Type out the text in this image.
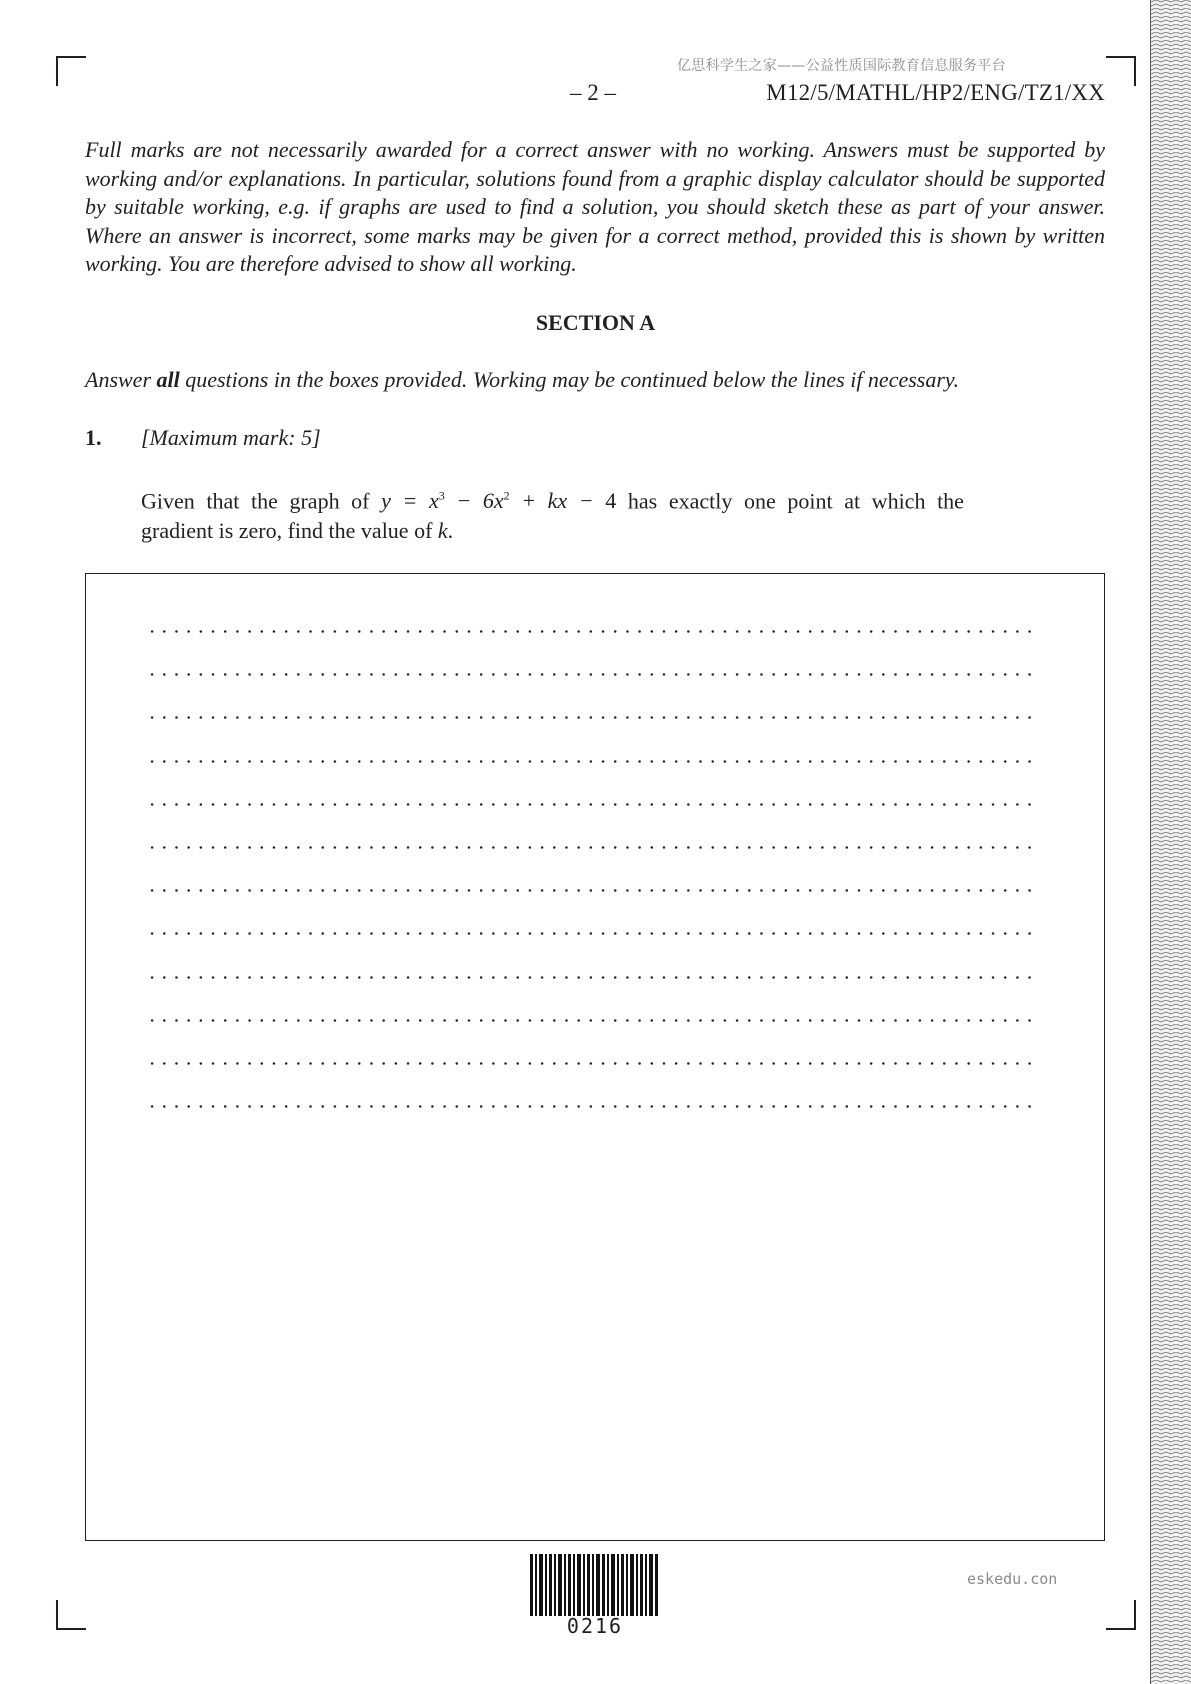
亿思科学生之家——公益性质国际教育信息服务平台
– 2 –	M12/5/MATHL/HP2/ENG/TZ1/XX

Full marks are not necessarily awarded for a correct answer with no working. Answers must be supported by working and/or explanations. In particular, solutions found from a graphic display calculator should be supported by suitable working, e.g. if graphs are used to find a solution, you should sketch these as part of your answer. Where an answer is incorrect, some marks may be given for a correct method, provided this is shown by written working. You are therefore advised to show all working.

SECTION A
Answer all questions in the boxes provided. Working may be continued below the lines if necessary.
1. [Maximum mark: 5]
Given that the graph of $y = x^3 - 6x^2$ + kx − 4 has exactly one point at which the
gradient is zero, find the value of k.
0216
eskedu.con
